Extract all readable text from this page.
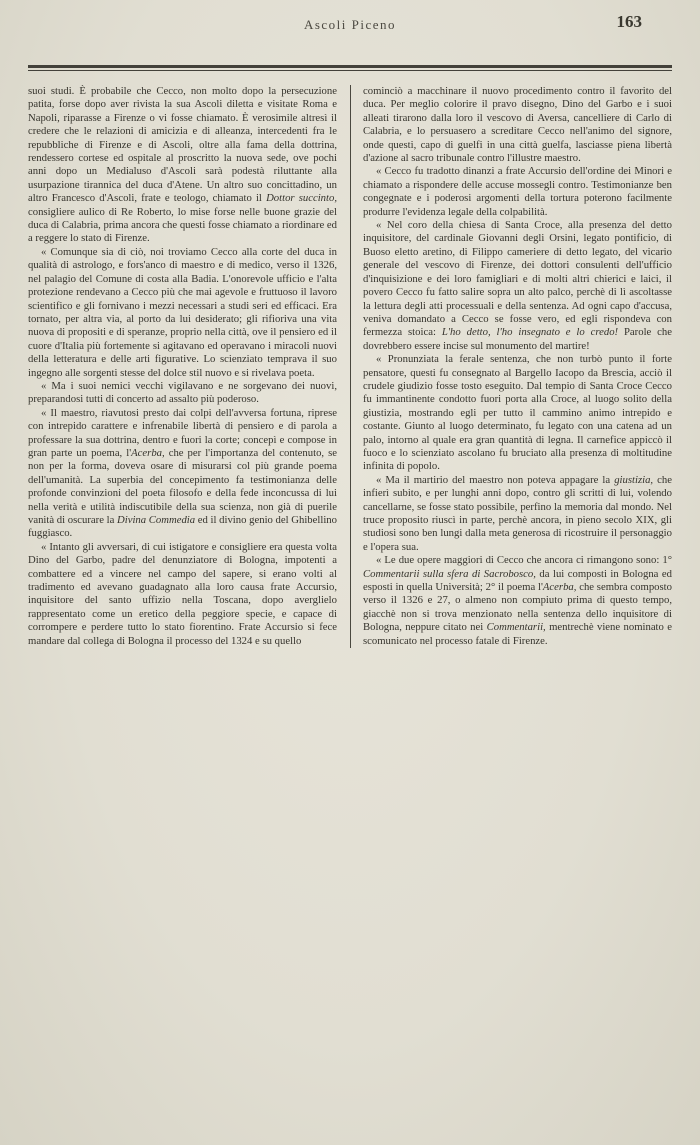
Ascoli Piceno	163

suoi studi. È probabile che Cecco, non molto dopo la persecuzione patita, forse dopo aver rivista la sua Ascoli diletta e visitate Roma e Napoli, riparasse a Firenze o vi fosse chiamato. È verosimile altresì il credere che le relazioni di amicizia e di alleanza, intercedenti fra le repubbliche di Firenze e di Ascoli, oltre alla fama della dottrina, rendessero cortese ed ospitale al proscritto la nuova sede, ove pochi anni dopo un Medialuso d'Ascoli sarà podestà riluttante alla usurpazione tirannica del duca d'Atene. Un altro suo concittadino, un altro Francesco d'Ascoli, frate e teologo, chiamato il Dottor succinto, consigliere aulico di Re Roberto, lo mise forse nelle buone grazie del duca di Calabria, prima ancora che questi fosse chiamato a riordinare ed a reggere lo stato di Firenze.

« Comunque sia di ciò, noi troviamo Cecco alla corte del duca in qualità di astrologo, e fors'anco di maestro e di medico, verso il 1326, nel palagio del Comune di costa alla Badia. L'onorevole ufficio e l'alta protezione rendevano a Cecco più che mai agevole e fruttuoso il lavoro scientifico e gli fornivano i mezzi necessari a studi seri ed efficaci. Era tornato, per altra via, al porto da lui desiderato; gli rifioriva una vita nuova di propositi e di speranze, proprio nella città, ove il pensiero ed il cuore d'Italia più fortemente si agitavano ed operavano i miracoli nuovi della letteratura e delle arti figurative. Lo scienziato temprava il suo ingegno alle sorgenti stesse del dolce stil nuovo e si rivelava poeta.

« Ma i suoi nemici vecchi vigilavano e ne sorgevano dei nuovi, preparandosi tutti di concerto ad assalto più poderoso.

« Il maestro, riavutosi presto dai colpi dell'avversa fortuna, riprese con intrepido carattere e infrenabile libertà di pensiero e di parola a professare la sua dottrina, dentro e fuori la corte; concepì e compose in gran parte un poema, l'Acerba, che per l'importanza del contenuto, se non per la forma, doveva osare di misurarsi col più grande poema dell'umanità. La superbia del concepimento fa testimonianza delle profonde convinzioni del poeta filosofo e della fede inconcussa di lui nella verità e utilità indiscutibile della sua scienza, non già di puerile vanità di oscurare la Divina Commedia ed il divino genio del Ghibellino fuggiasco.

« Intanto gli avversari, di cui istigatore e consigliere era questa volta Dino del Garbo, padre del denunziatore di Bologna, impotenti a combattere ed a vincere nel campo del sapere, si erano volti al tradimento ed avevano guadagnato alla loro causa frate Accursio, inquisitore del santo uffizio nella Toscana, dopo averglielo rappresentato come un eretico della peggiore specie, e capace di corrompere e perdere tutto lo stato fiorentino. Frate Accursio si fece mandare dal collega di Bologna il processo del 1324 e su quello

cominciò a macchinare il nuovo procedimento contro il favorito del duca. Per meglio colorire il pravo disegno, Dino del Garbo e i suoi alleati tirarono dalla loro il vescovo di Aversa, cancelliere di Carlo di Calabria, e lo persuasero a screditare Cecco nell'animo del signore, onde questi, capo di guelfi in una città guelfa, lasciasse piena libertà d'azione al sacro tribunale contro l'illustre maestro.

« Cecco fu tradotto dinanzi a frate Accursio dell'ordine dei Minori e chiamato a rispondere delle accuse mossegli contro. Testimonianze ben congegnate e i poderosi argomenti della tortura poterono facilmente produrre l'evidenza legale della colpabilità.

« Nel coro della chiesa di Santa Croce, alla presenza del detto inquisitore, del cardinale Giovanni degli Orsini, legato pontificio, di Buoso eletto aretino, di Filippo cameriere di detto legato, del vicario generale del vescovo di Firenze, dei dottori consulenti dell'ufficio d'inquisizione e dei loro famigliari e di molti altri chierici e laici, il povero Cecco fu fatto salire sopra un alto palco, perchè di lì ascoltasse la lettura degli atti processuali e della sentenza. Ad ogni capo d'accusa, veniva domandato a Cecco se fosse vero, ed egli rispondeva con fermezza stoica: L'ho detto, l'ho insegnato e lo credo! Parole che dovrebbero essere incise sul monumento del martire!

« Pronunziata la ferale sentenza, che non turbò punto il forte pensatore, questi fu consegnato al Bargello Iacopo da Brescia, acciò il crudele giudizio fosse tosto eseguito. Dal tempio di Santa Croce Cecco fu immantinente condotto fuori porta alla Croce, al luogo solito della giustizia, mostrando egli per tutto il cammino animo intrepido e costante. Giunto al luogo determinato, fu legato con una catena ad un palo, intorno al quale era gran quantità di legna. Il carnefice appiccò il fuoco e lo scienziato ascolano fu bruciato alla presenza di moltitudine infinita di popolo.

« Ma il martirio del maestro non poteva appagare la giustizia, che infierì subito, e per lunghi anni dopo, contro gli scritti di lui, volendo cancellarne, se fosse stato possibile, perfino la memoria dal mondo. Nel truce proposito riuscì in parte, perchè ancora, in pieno secolo XIX, gli studiosi sono ben lungi dalla meta generosa di ricostruire il personaggio e l'opera sua.

« Le due opere maggiori di Cecco che ancora ci rimangono sono: 1° Commentarii sulla sfera di Sacrobosco, da lui composti in Bologna ed esposti in quella Università; 2° il poema l'Acerba, che sembra composto verso il 1326 e 27, o almeno non compiuto prima di questo tempo, giacchè non si trova menzionato nella sentenza dello inquisitore di Bologna, neppure citato nei Commentarii, mentrechè viene nominato e scomunicato nel processo fatale di Firenze.
